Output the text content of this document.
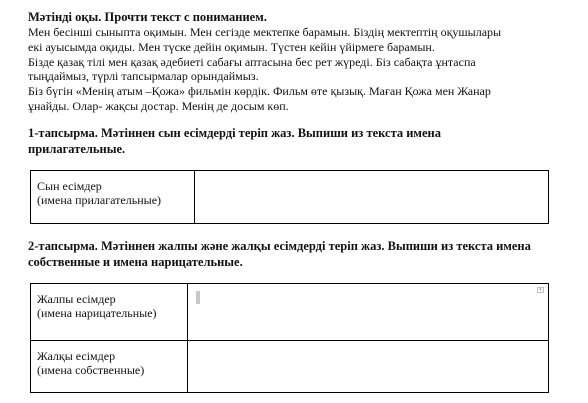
Мәтінді оқы. Прочти текст с пониманием.
Мен бесінші сыныпта оқимын. Мен сегізде мектепке барамын. Біздің мектептің оқушылары
екі ауысымда оқиды. Мен түске дейін оқимын. Түстен кейін үйірмеге барамын.
Бізде қазақ тілі мен қазақ әдебиеті сабағы аптасына бес рет жүреді. Біз сабақта ұнтаспа
тыңдаймыз, түрлі тапсырмалар орындаймыз.
Біз бүгін «Менің атым –Қожа» фильмін көрдік. Фильм өте қызық. Маған Қожа мен Жанар
ұнайды. Олар- жақсы достар. Менің де досым көп.
1-тапсырма. Мәтіннен сын есімдерді теріп жаз. Выпиши из текста имена
прилагательные.
Сын есімдер
(имена прилагательные)

2-тапсырма. Мәтіннен жалпы және жалқы есімдерді теріп жаз. Выпиши из текста имена
собственные и имена нарицательные.
Жалпы есімдер
(имена нарицательные)	▾

Жалқы есімдер
(имена собственные)	
